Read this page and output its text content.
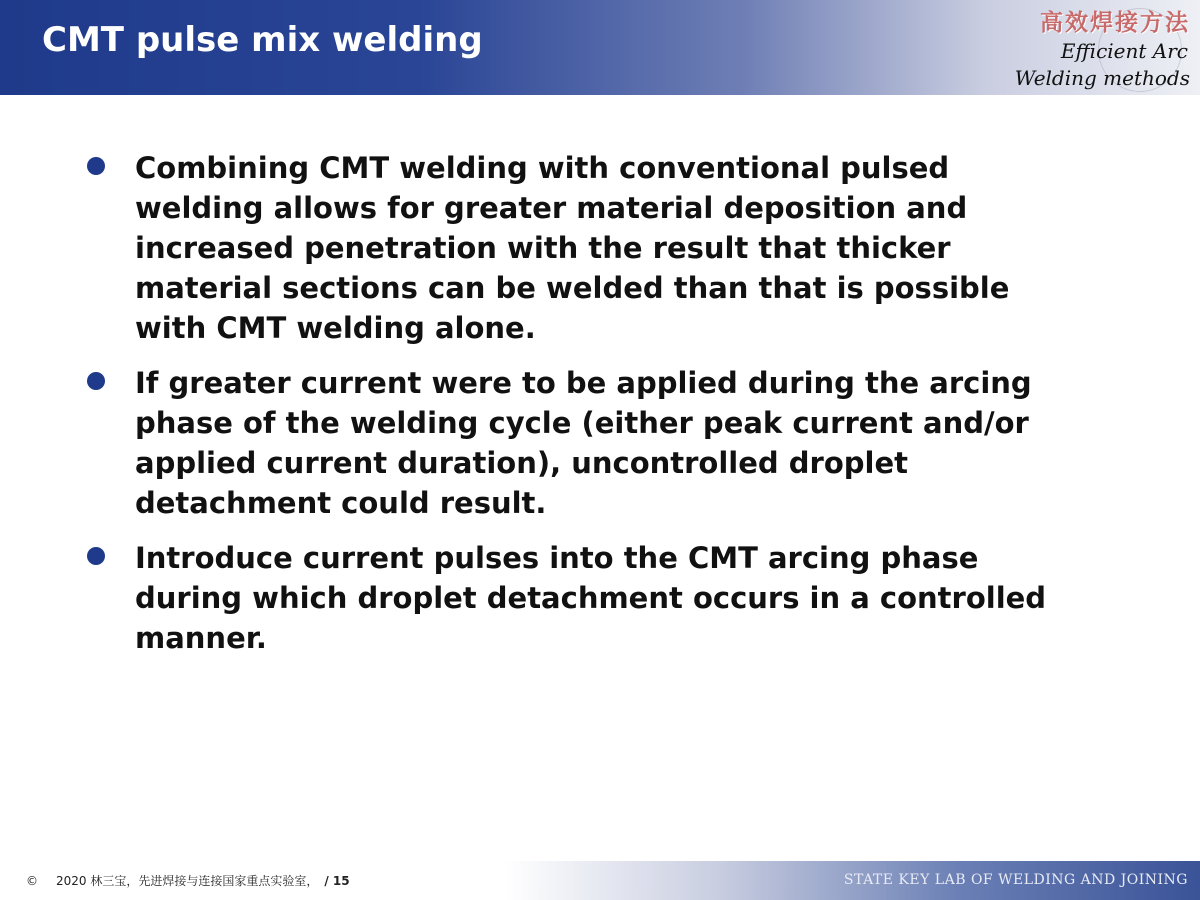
CMT pulse mix welding	高效焊接方法
Efficient Arc
Welding methods
Combining CMT welding with conventional pulsed welding allows for greater material deposition and increased penetration with the result that thicker material sections can be welded than that is possible with CMT welding alone.
If greater current were to be applied during the arcing phase of the welding cycle (either peak current and/or applied current duration), uncontrolled droplet detachment could result.
Introduce current pulses into the CMT arcing phase during which droplet detachment occurs in a controlled manner.
© 2020 林三宝，先进焊接与连接国家重点实验室， / 15	STATE KEY LAB OF WELDING AND JOINING
